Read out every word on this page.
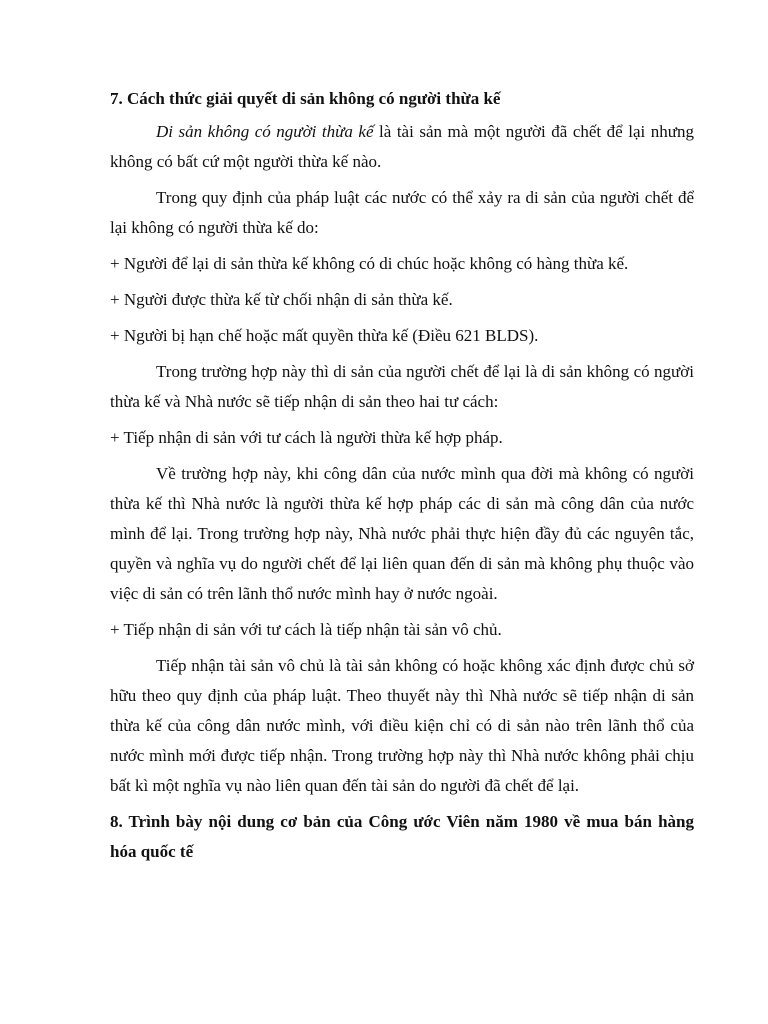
7. Cách thức giải quyết di sản không có người thừa kế

Di sản không có người thừa kế là tài sản mà một người đã chết để lại nhưng không có bất cứ một người thừa kế nào.

Trong quy định của pháp luật các nước có thể xảy ra di sản của người chết để lại không có người thừa kế do:

+ Người để lại di sản thừa kế không có di chúc hoặc không có hàng thừa kế.

+ Người được thừa kế từ chối nhận di sản thừa kế.

+ Người bị hạn chế hoặc mất quyền thừa kế (Điều 621 BLDS).

Trong trường hợp này thì di sản của người chết để lại là di sản không có người thừa kế và Nhà nước sẽ tiếp nhận di sản theo hai tư cách:

+ Tiếp nhận di sản với tư cách là người thừa kế hợp pháp.

Về trường hợp này, khi công dân của nước mình qua đời mà không có người thừa kế thì Nhà nước là người thừa kế hợp pháp các di sản mà công dân của nước mình để lại. Trong trường hợp này, Nhà nước phải thực hiện đầy đủ các nguyên tắc, quyền và nghĩa vụ do người chết để lại liên quan đến di sản mà không phụ thuộc vào việc di sản có trên lãnh thổ nước mình hay ở nước ngoài.

+ Tiếp nhận di sản với tư cách là tiếp nhận tài sản vô chủ.

Tiếp nhận tài sản vô chủ là tài sản không có hoặc không xác định được chủ sở hữu theo quy định của pháp luật. Theo thuyết này thì Nhà nước sẽ tiếp nhận di sản thừa kế của công dân nước mình, với điều kiện chỉ có di sản nào trên lãnh thổ của nước mình mới được tiếp nhận. Trong trường hợp này thì Nhà nước không phải chịu bất kì một nghĩa vụ nào liên quan đến tài sản do người đã chết để lại.

8. Trình bày nội dung cơ bản của Công ước Viên năm 1980 về mua bán hàng hóa quốc tế
